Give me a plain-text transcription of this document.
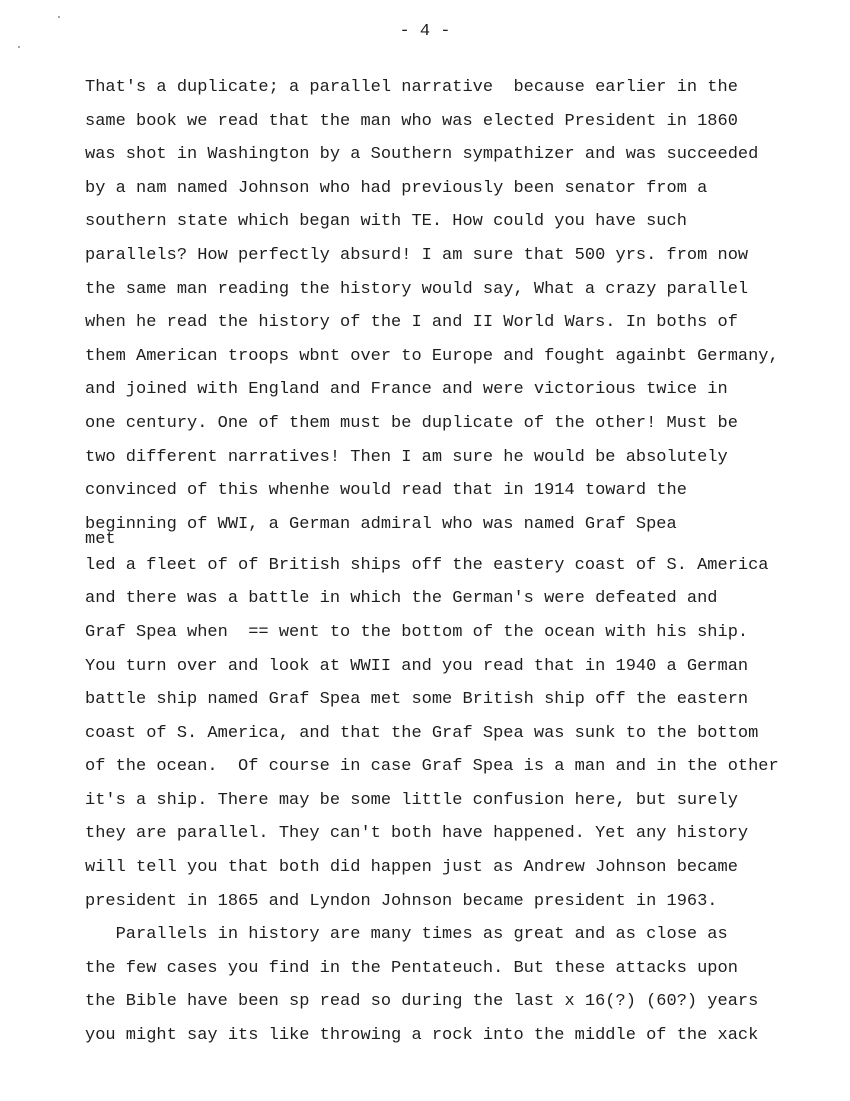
- 4 -
That's a duplicate; a parallel narrative  because earlier in the
same book we read that the man who was elected President in 1860
was shot in Washington by a Southern sympathizer and was succeeded
by a nam named Johnson who had previously been senator from a
southern state which began with TE. How could you have such
parallels? How perfectly absurd! I am sure that 500 yrs. from now
the same man reading the history would say, What a crazy parallel
when he read the history of the I and II World Wars. In boths of
them American troops wbnt over to Europe and fought againbt Germany,
and joined with England and France and were victorious twice in
one century. One of them must be duplicate of the other! Must be
two different narratives! Then I am sure he would be absolutely
convinced of this whenhe would read that in 1914 toward the
beginning of WWI, a German admiral who was named Graf Spea
met
led a fleet of of British ships off the eastery coast of S. America
and there was a battle in which the German's were defeated and
Graf Spea when  == went to the bottom of the ocean with his ship.
You turn over and look at WWII and you read that in 1940 a German
battle ship named Graf Spea met some British ship off the eastern
coast of S. America, and that the Graf Spea was sunk to the bottom
of the ocean.  Of course in case Graf Spea is a man and in the other
it's a ship. There may be some little confusion here, but surely
they are parallel. They can't both have happened. Yet any history
will tell you that both did happen just as Andrew Johnson became
president in 1865 and Lyndon Johnson became president in 1963.
Parallels in history are many times as great and as close as
the few cases you find in the Pentateuch. But these attacks upon
the Bible have been sp read so during the last x 16(?) (60?) years
you might say its like throwing a rock into the middle of the xack
